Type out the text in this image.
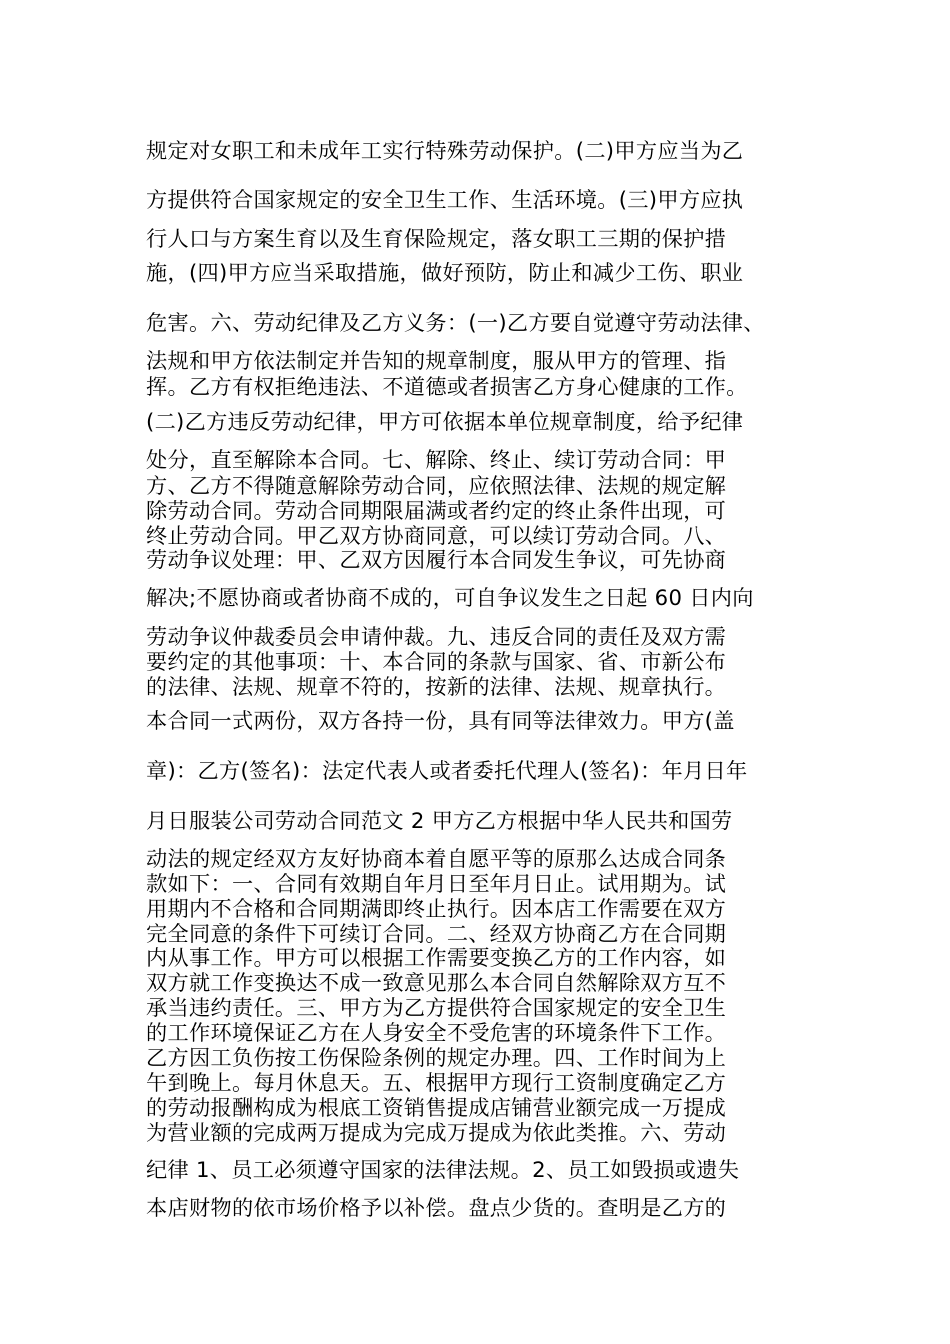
规定对女职工和未成年工实行特殊劳动保护。(二)甲方应当为乙
方提供符合国家规定的安全卫生工作、生活环境。(三)甲方应执
行人口与方案生育以及生育保险规定，落女职工三期的保护措
施，(四)甲方应当采取措施，做好预防，防止和减少工伤、职业
危害。六、劳动纪律及乙方义务：(一)乙方要自觉遵守劳动法律、
法规和甲方依法制定并告知的规章制度，服从甲方的管理、指
挥。乙方有权拒绝违法、不道德或者损害乙方身心健康的工作。
(二)乙方违反劳动纪律，甲方可依据本单位规章制度，给予纪律
处分，直至解除本合同。七、解除、终止、续订劳动合同：甲
方、乙方不得随意解除劳动合同，应依照法律、法规的规定解
除劳动合同。劳动合同期限届满或者约定的终止条件出现，可
终止劳动合同。甲乙双方协商同意，可以续订劳动合同。八、
劳动争议处理：甲、乙双方因履行本合同发生争议，可先协商
解决;不愿协商或者协商不成的，可自争议发生之日起 60 日内向
劳动争议仲裁委员会申请仲裁。九、违反合同的责任及双方需
要约定的其他事项：十、本合同的条款与国家、省、市新公布
的法律、法规、规章不符的，按新的法律、法规、规章执行。
本合同一式两份，双方各持一份，具有同等法律效力。甲方(盖
章)：乙方(签名)：法定代表人或者委托代理人(签名)：年月日年
月日服装公司劳动合同范文 2 甲方乙方根据中华人民共和国劳
动法的规定经双方友好协商本着自愿平等的原那么达成合同条
款如下：一、合同有效期自年月日至年月日止。试用期为。试
用期内不合格和合同期满即终止执行。因本店工作需要在双方
完全同意的条件下可续订合同。二、经双方协商乙方在合同期
内从事工作。甲方可以根据工作需要变换乙方的工作内容，如
双方就工作变换达不成一致意见那么本合同自然解除双方互不
承当违约责任。三、甲方为乙方提供符合国家规定的安全卫生
的工作环境保证乙方在人身安全不受危害的环境条件下工作。
乙方因工负伤按工伤保险条例的规定办理。四、工作时间为上
午到晚上。每月休息天。五、根据甲方现行工资制度确定乙方
的劳动报酬构成为根底工资销售提成店铺营业额完成一万提成
为营业额的完成两万提成为完成万提成为依此类推。六、劳动
纪律 1、员工必须遵守国家的法律法规。2、员工如毁损或遗失
本店财物的依市场价格予以补偿。盘点少货的。查明是乙方的
